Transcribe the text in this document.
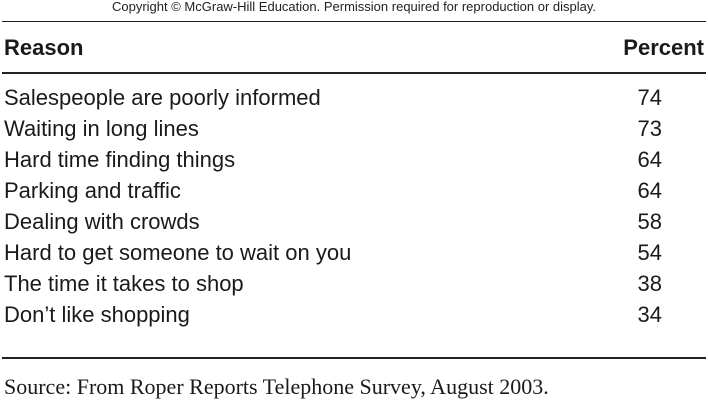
Copyright © McGraw-Hill Education. Permission required for reproduction or display.
Reason	Percent
Salespeople are poorly informed	74
Waiting in long lines	73
Hard time finding things	64
Parking and traffic	64
Dealing with crowds	58
Hard to get someone to wait on you	54
The time it takes to shop	38
Don’t like shopping	34
Source: From Roper Reports Telephone Survey, August 2003.
